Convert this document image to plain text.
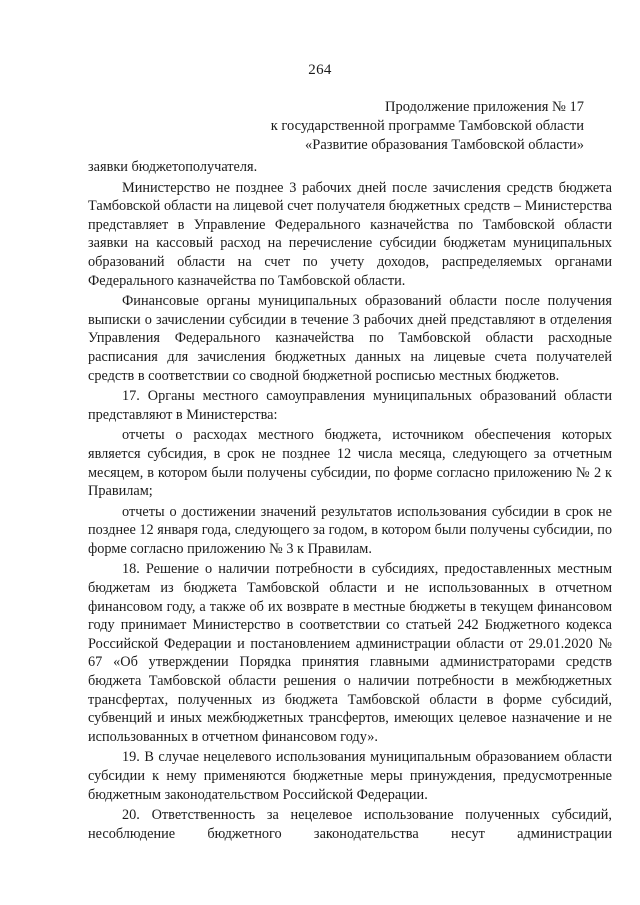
264
Продолжение приложения № 17
к государственной программе Тамбовской области
«Развитие образования Тамбовской области»

заявки бюджетополучателя.

Министерство не позднее 3 рабочих дней после зачисления средств бюджета Тамбовской области на лицевой счет получателя бюджетных средств – Министерства представляет в Управление Федерального казначейства по Тамбовской области заявки на кассовый расход на перечисление субсидии бюджетам муниципальных образований области на счет по учету доходов, распределяемых органами Федерального казначейства по Тамбовской области.

Финансовые органы муниципальных образований области после получения выписки о зачислении субсидии в течение 3 рабочих дней представляют в отделения Управления Федерального казначейства по Тамбовской области расходные расписания для зачисления бюджетных данных на лицевые счета получателей средств в соответствии со сводной бюджетной росписью местных бюджетов.

17. Органы местного самоуправления муниципальных образований области представляют в Министерства:

отчеты о расходах местного бюджета, источником обеспечения которых является субсидия, в срок не позднее 12 числа месяца, следующего за отчетным месяцем, в котором были получены субсидии, по форме согласно приложению № 2 к Правилам;

отчеты о достижении значений результатов использования субсидии в срок не позднее 12 января года, следующего за годом, в котором были получены субсидии, по форме согласно приложению № 3 к Правилам.

18. Решение о наличии потребности в субсидиях, предоставленных местным бюджетам из бюджета Тамбовской области и не использованных в отчетном финансовом году, а также об их возврате в местные бюджеты в текущем финансовом году принимает Министерство в соответствии со статьей 242 Бюджетного кодекса Российской Федерации и постановлением администрации области от 29.01.2020 № 67 «Об утверждении Порядка принятия главными администраторами средств бюджета Тамбовской области решения о наличии потребности в межбюджетных трансфертах, полученных из бюджета Тамбовской области в форме субсидий, субвенций и иных межбюджетных трансфертов, имеющих целевое назначение и не использованных в отчетном финансовом году».

19. В случае нецелевого использования муниципальным образованием области субсидии к нему применяются бюджетные меры принуждения, предусмотренные бюджетным законодательством Российской Федерации.

20. Ответственность за нецелевое использование полученных субсидий, несоблюдение бюджетного законодательства несут администрации
